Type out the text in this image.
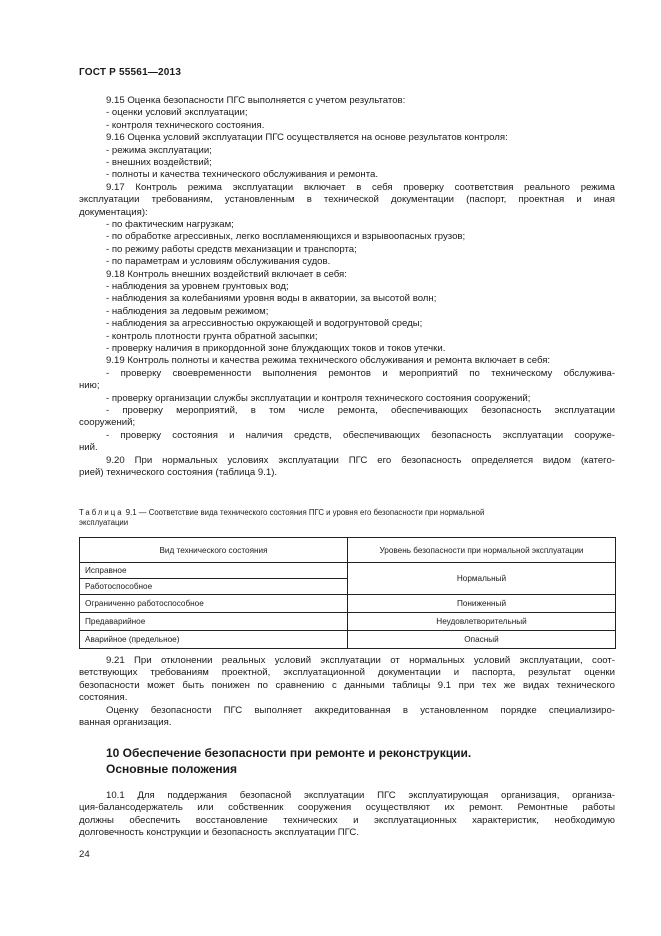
ГОСТ Р 55561—2013
9.15 Оценка безопасности ПГС выполняется с учетом результатов:
- оценки условий эксплуатации;
- контроля технического состояния.
9.16 Оценка условий эксплуатации ПГС осуществляется на основе результатов контроля:
- режима эксплуатации;
- внешних воздействий;
- полноты и качества технического обслуживания и ремонта.
9.17 Контроль режима эксплуатации включает в себя проверку соответствия реального режима
эксплуатации требованиям, установленным в технической документации (паспорт, проектная и иная
документация):
- по фактическим нагрузкам;
- по обработке агрессивных, легко воспламеняющихся и взрывоопасных грузов;
- по режиму работы средств механизации и транспорта;
- по параметрам и условиям обслуживания судов.
9.18 Контроль внешних воздействий включает в себя:
- наблюдения за уровнем грунтовых вод;
- наблюдения за колебаниями уровня воды в акватории, за высотой волн;
- наблюдения за ледовым режимом;
- наблюдения за агрессивностью окружающей и водогрунтовой среды;
- контроль плотности грунта обратной засыпки;
- проверку наличия в прикордонной зоне блуждающих токов и токов утечки.
9.19 Контроль полноты и качества режима технического обслуживания и ремонта включает в себя:
- проверку своевременности выполнения ремонтов и мероприятий по техническому обслужива-
нию;
- проверку организации службы эксплуатации и контроля технического состояния сооружений;
- проверку мероприятий, в том числе ремонта, обеспечивающих безопасность эксплуатации
сооружений;
- проверку состояния и наличия средств, обеспечивающих безопасность эксплуатации сооруже-
ний.
9.20 При нормальных условиях эксплуатации ПГС его безопасность определяется видом (катего-
рией) технического состояния (таблица 9.1).
Таблица 9.1 — Соответствие вида технического состояния ПГС и уровня его безопасности при нормальной
эксплуатации
Вид технического состояния	Уровень безопасности при нормальной эксплуатации
Исправное	Нормальный
Работоспособное	
Ограниченно работоспособное	Пониженный
Предаварийное	Неудовлетворительный
Аварийное (предельное)	Опасный
9.21 При отклонении реальных условий эксплуатации от нормальных условий эксплуатации, соот-
ветствующих требованиям проектной, эксплуатационной документации и паспорта, результат оценки
безопасности может быть понижен по сравнению с данными таблицы 9.1 при тех же видах технического
состояния.
Оценку безопасности ПГС выполняет аккредитованная в установленном порядке специализиро-
ванная организация.
10 Обеспечение безопасности при ремонте и реконструкции.
Основные положения
10.1 Для поддержания безопасной эксплуатации ПГС эксплуатирующая организация, организа-
ция-балансодержатель или собственник сооружения осуществляют их ремонт. Ремонтные работы
должны обеспечить восстановление технических и эксплуатационных характеристик, необходимую
долговечность конструкции и безопасность эксплуатации ПГС.
24
